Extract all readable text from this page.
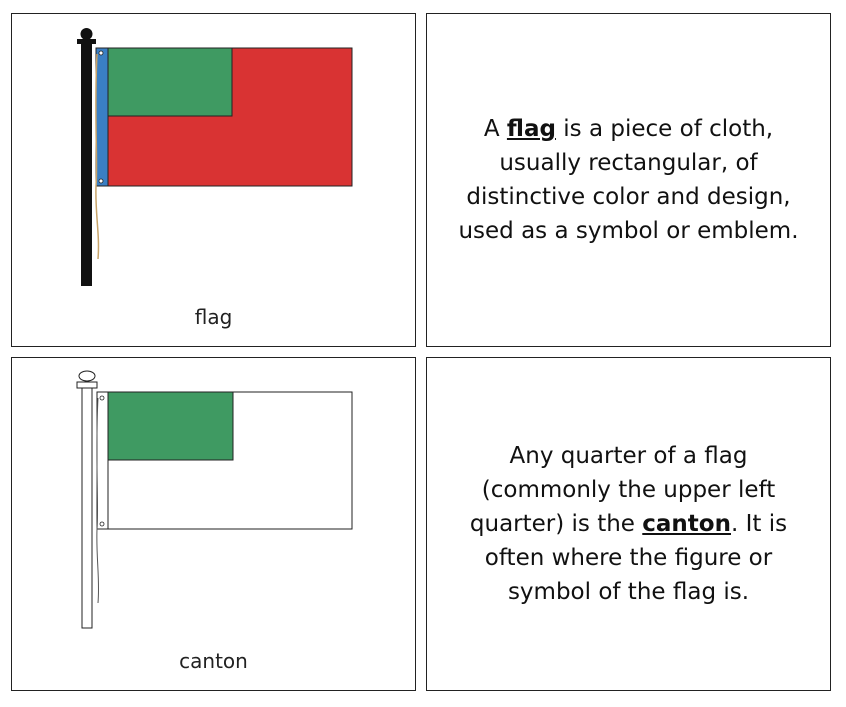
flag

A flag is a piece of cloth, usually rectangular, of distinctive color and design, used as a symbol or emblem.

canton

Any quarter of a flag (commonly the upper left quarter) is the canton. It is often where the figure or symbol of the flag is.
